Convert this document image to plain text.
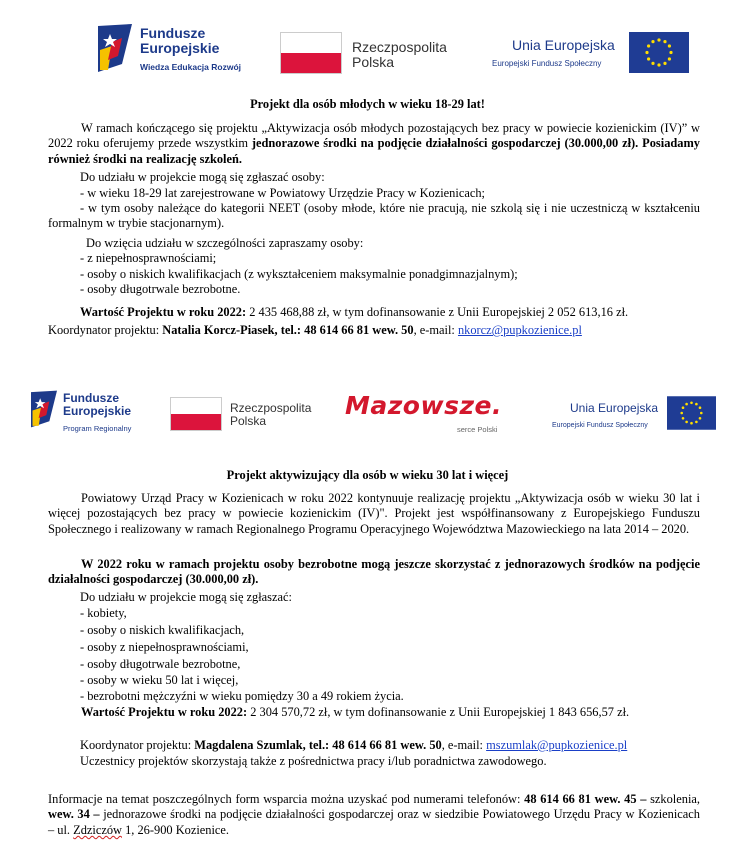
Fundusze
Europejskie
Wiedza Edukacja Rozwój
Rzeczpospolita
Polska
Unia Europejska
Europejski Fundusz Społeczny
Projekt dla osób młodych w wieku 18-29 lat!
W ramach kończącego się projektu „Aktywizacja osób młodych pozostających bez pracy w powiecie kozienickim (IV)” w 2022 roku oferujemy przede wszystkim jednorazowe środki na podjęcie działalności gospodarczej (30.000,00 zł). Posiadamy również środki na realizację szkoleń.
Do udziału w projekcie mogą się zgłaszać osoby:
- w wieku 18-29 lat zarejestrowane w Powiatowy Urzędzie Pracy w Kozienicach;
- w tym osoby należące do kategorii NEET (osoby młode, które nie pracują, nie szkolą się i nie uczestniczą w kształceniu formalnym w trybie stacjonarnym).
Do wzięcia udziału w szczególności zapraszamy osoby:
- z niepełnosprawnościami;
- osoby o niskich kwalifikacjach (z wykształceniem maksymalnie ponadgimnazjalnym);
- osoby długotrwale bezrobotne.
Wartość Projektu w roku 2022: 2 435 468,88 zł, w tym dofinansowanie z Unii Europejskiej 2 052 613,16 zł.
Koordynator projektu: Natalia Korcz-Piasek, tel.: 48 614 66 81 wew. 50, e-mail: nkorcz@pupkozienice.pl
Fundusze
Europejskie
Program Regionalny
Rzeczpospolita
Polska
Mazowsze.
serce Polski
Unia Europejska
Europejski Fundusz Społeczny
Projekt aktywizujący dla osób w wieku 30 lat i więcej
Powiatowy Urząd Pracy w Kozienicach w roku 2022 kontynuuje realizację projektu „Aktywizacja osób w wieku 30 lat i więcej pozostających bez pracy w powiecie kozienickim (IV)". Projekt jest współfinansowany z Europejskiego Funduszu Społecznego i realizowany w ramach Regionalnego Programu Operacyjnego Województwa Mazowieckiego na lata 2014 – 2020.
W 2022 roku w ramach projektu osoby bezrobotne mogą jeszcze skorzystać z jednorazowych środków na podjęcie działalności gospodarczej (30.000,00 zł).
Do udziału w projekcie mogą się zgłaszać:
- kobiety,
- osoby o niskich kwalifikacjach,
- osoby z niepełnosprawnościami,
- osoby długotrwale bezrobotne,
- osoby w wieku 50 lat i więcej,
- bezrobotni mężczyźni w wieku pomiędzy 30 a 49 rokiem życia.
Wartość Projektu w roku 2022: 2 304 570,72 zł, w tym dofinansowanie z Unii Europejskiej 1 843 656,57 zł.
Koordynator projektu: Magdalena Szumlak, tel.: 48 614 66 81 wew. 50, e-mail: mszumlak@pupkozienice.pl
Uczestnicy projektów skorzystają także z pośrednictwa pracy i/lub poradnictwa zawodowego.
Informacje na temat poszczególnych form wsparcia można uzyskać pod numerami telefonów: 48 614 66 81 wew. 45 – szkolenia, wew. 34 – jednorazowe środki na podjęcie działalności gospodarczej oraz w siedzibie Powiatowego Urzędu Pracy w Kozienicach – ul. Zdziczów 1, 26-900 Kozienice.
